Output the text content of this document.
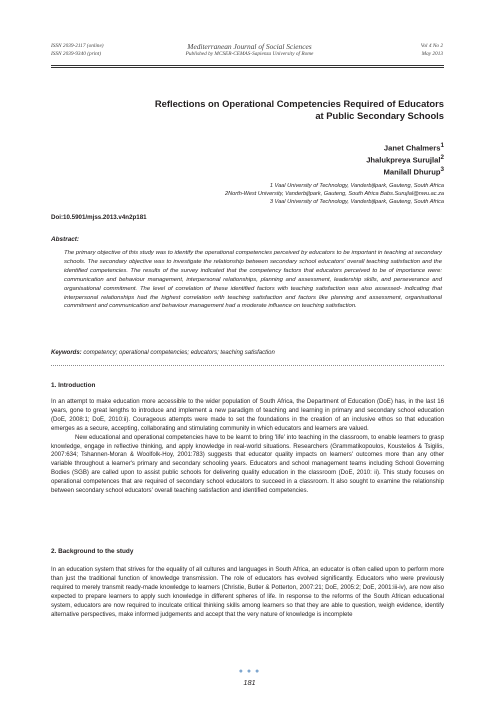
ISSN 2039-2117 (online)
ISSN 2039-9340 (print)
Mediterranean Journal of Social Sciences
Published by MCSER-CEMAS-Sapienza University of Rome
Vol 4 No 2
May 2013
Reflections on Operational Competencies Required of Educators
at Public Secondary Schools
Janet Chalmers$^1$
Jhalukpreya Surujlal$^2$
Manilall Dhurup$^3$
1 Vaal University of Technology, Vanderbijlpark, Gauteng, South Africa
2North-West University, Vanderbijlpark, Gauteng, South Africa Babs.Surujlal@nwu.ac.za
3 Vaal University of Technology, Vanderbijlpark, Gauteng, South Africa
Doi:10.5901/mjss.2013.v4n2p181
Abstract:
The primary objective of this study was to identify the operational competencies perceived by educators to be important in teaching at secondary schools. The secondary objective was to investigate the relationship between secondary school educators' overall teaching satisfaction and the identified competencies. The results of the survey indicated that the competency factors that educators perceived to be of importance were: communication and behaviour management, interpersonal relationships, planning and assessment, leadership skills, and perseverance and organisational commitment. The level of correlation of these identified factors with teaching satisfaction was also assessed- indicating that interpersonal relationships had the highest correlation with teaching satisfaction and factors like planning and assessment, organisational commitment and communication and behaviour management had a moderate influence on teaching satisfaction.
Keywords: competency; operational competencies; educators; teaching satisfaction
1. Introduction

In an attempt to make education more accessible to the wider population of South Africa, the Department of Education (DoE) has, in the last 16 years, gone to great lengths to introduce and implement a new paradigm of teaching and learning in primary and secondary school education (DoE, 2008:1; DoE, 2010:ii). Courageous attempts were made to set the foundations in the creation of an inclusive ethos so that education emerges as a secure, accepting, collaborating and stimulating community in which educators and learners are valued.

New educational and operational competencies have to be learnt to bring 'life' into teaching in the classroom, to enable learners to grasp knowledge, engage in reflective thinking, and apply knowledge in real-world situations. Researchers (Grammatikopoulos, Koustelios & Tsigilis, 2007:634; Tshannen-Moran & Woolfolk-Hoy, 2001:783) suggests that educator quality impacts on learners' outcomes more than any other variable throughout a learner's primary and secondary schooling years. Educators and school management teams including School Governing Bodies (SGB) are called upon to assist public schools for delivering quality education in the classroom (DoE, 2010: ii). This study focuses on operational competences that are required of secondary school educators to succeed in a classroom. It also sought to examine the relationship between secondary school educators' overall teaching satisfaction and identified competencies.

2. Background to the study

In an education system that strives for the equality of all cultures and languages in South Africa, an educator is often called upon to perform more than just the traditional function of knowledge transmission. The role of educators has evolved significantly. Educators who were previously required to merely transmit ready-made knowledge to learners (Christie, Butler & Potterton, 2007:21; DoE, 2005:2; DoE, 2001:iii-iv), are now also expected to prepare learners to apply such knowledge in different spheres of life. In response to the reforms of the South African educational system, educators are now required to inculcate critical thinking skills among learners so that they are able to question, weigh evidence, identify alternative perspectives, make informed judgements and accept that the very nature of knowledge is incomplete

● ● ●
181
